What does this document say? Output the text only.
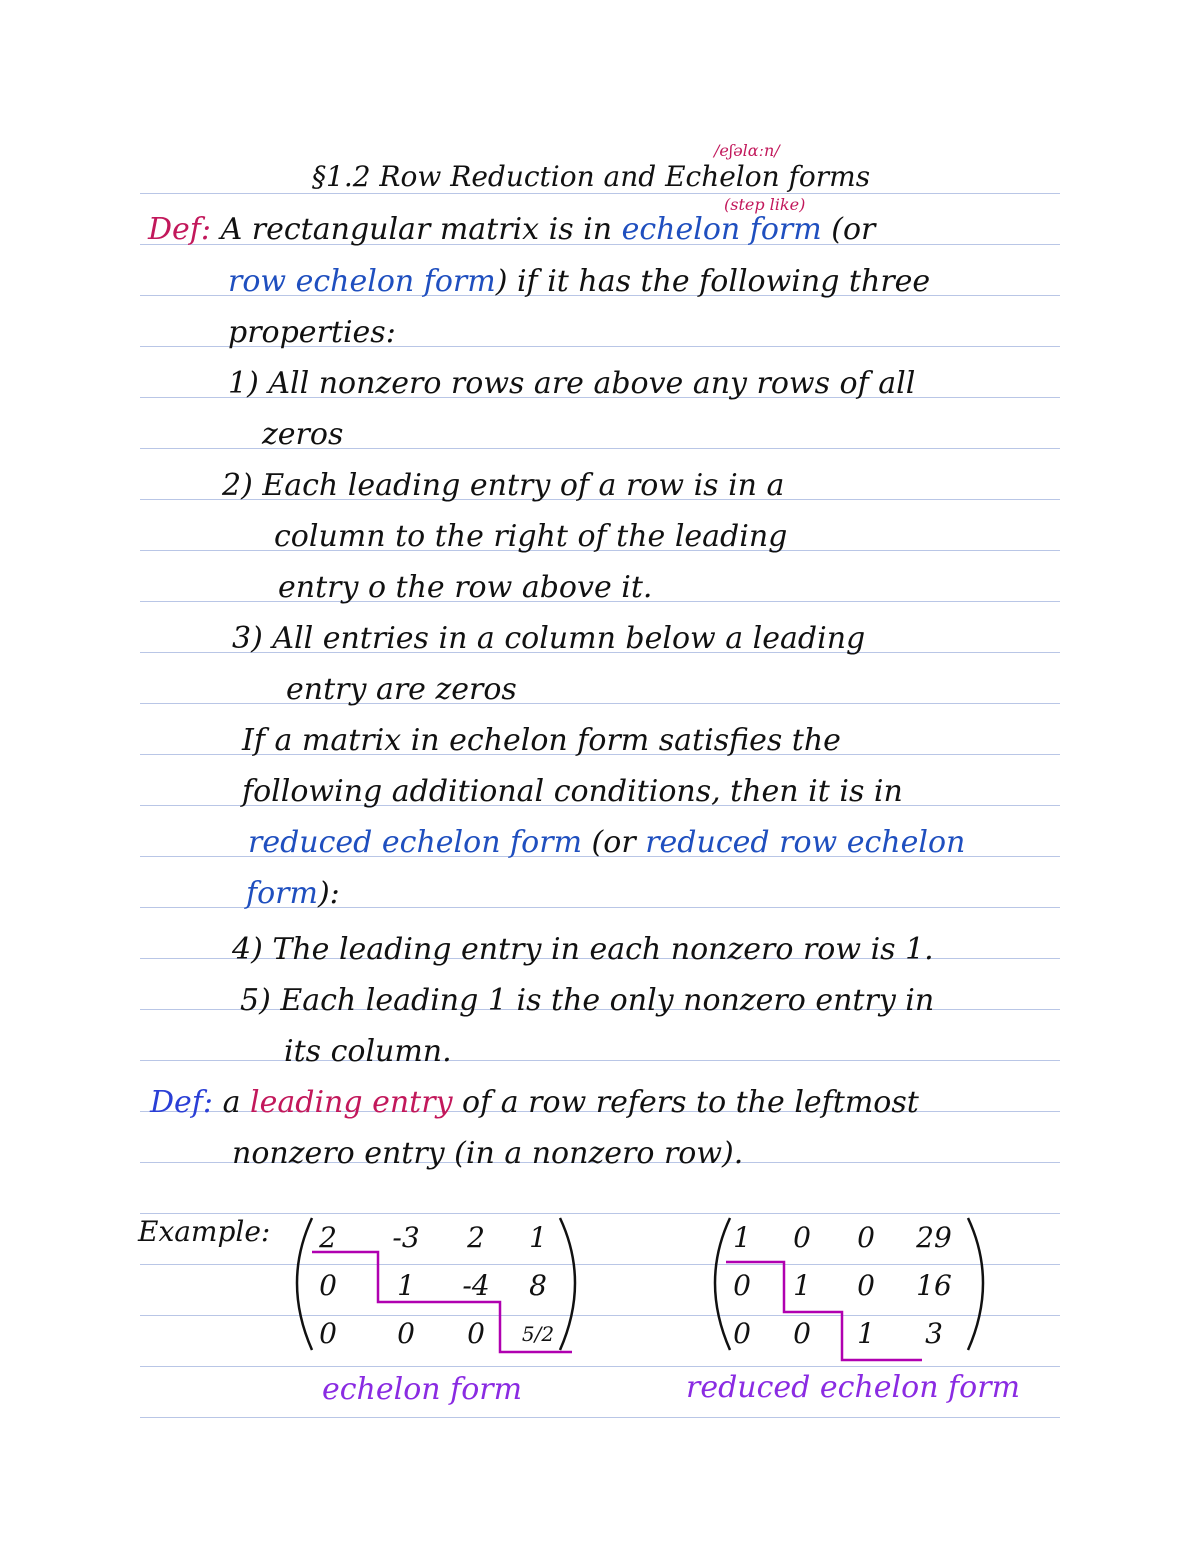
/eʃəlɑːn/
§1.2 Row Reduction and Echelon forms
(step like)
Def: A rectangular matrix is in echelon form (or
row echelon form) if it has the following three
properties:
1) All nonzero rows are above any rows of all
zeros
2) Each leading entry of a row is in a
column to the right of the leading
entry o the row above it.
3) All entries in a column below a leading
entry are zeros
If a matrix in echelon form satisfies the
following additional conditions, then it is in
reduced echelon form (or reduced row echelon
form):
4) The leading entry in each nonzero row is 1.
5) Each leading 1 is the only nonzero entry in
its column.
Def: a leading entry of a row refers to the leftmost
nonzero entry (in a nonzero row).
Example:	2	-3	2	1
0	1	-4	8
0	0	0	5/2
1	0	0	29
0	1	0	16
0	0	1	3
echelon form	reduced echelon form
